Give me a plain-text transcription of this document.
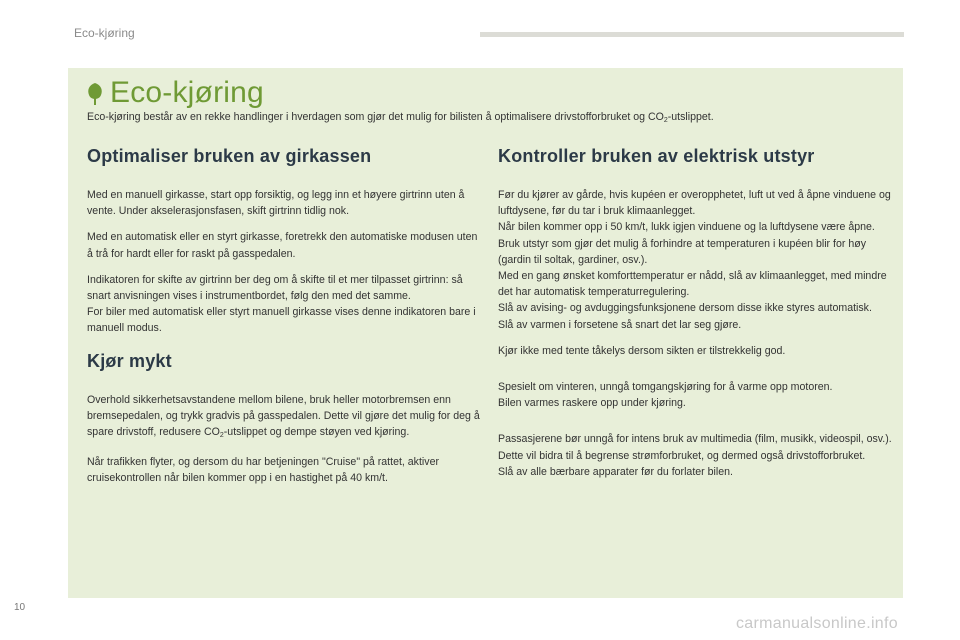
Eco-kjøring
Eco-kjøring
Eco-kjøring består av en rekke handlinger i hverdagen som gjør det mulig for bilisten å optimalisere drivstofforbruket og $CO_2$-utslippet.
Optimaliser bruken av girkassen

Med en manuell girkasse, start opp forsiktig, og legg inn et høyere girtrinn uten å vente. Under akselerasjonsfasen, skift girtrinn tidlig nok.

Med en automatisk eller en styrt girkasse, foretrekk den automatiske modusen uten å trå for hardt eller for raskt på gasspedalen.

Indikatoren for skifte av girtrinn ber deg om å skifte til et mer tilpasset girtrinn: så snart anvisningen vises i instrumentbordet, følg den med det samme.

For biler med automatisk eller styrt manuell girkasse vises denne indikatoren bare i manuell modus.

Kjør mykt

Overhold sikkerhetsavstandene mellom bilene, bruk heller motorbremsen enn bremsepedalen, og trykk gradvis på gasspedalen. Dette vil gjøre det mulig for deg å spare drivstoff, redusere $CO_2$-utslippet og dempe støyen ved kjøring.

Når trafikken flyter, og dersom du har betjeningen "Cruise" på rattet, aktiver cruisekontrollen når bilen kommer opp i en hastighet på 40 km/t.

Kontroller bruken av elektrisk utstyr

Før du kjører av gårde, hvis kupéen er overopphetet, luft ut ved å åpne vinduene og luftdysene, før du tar i bruk klimaanlegget.

Når bilen kommer opp i 50 km/t, lukk igjen vinduene og la luftdysene være åpne.

Bruk utstyr som gjør det mulig å forhindre at temperaturen i kupéen blir for høy (gardin til soltak, gardiner, osv.).

Med en gang ønsket komforttemperatur er nådd, slå av klimaanlegget, med mindre det har automatisk temperaturregulering.

Slå av avising- og avduggingsfunksjonene dersom disse ikke styres automatisk.

Slå av varmen i forsetene så snart det lar seg gjøre.

Kjør ikke med tente tåkelys dersom sikten er tilstrekkelig god.

Spesielt om vinteren, unngå tomgangskjøring for å varme opp motoren.

Bilen varmes raskere opp under kjøring.

Passasjerene bør unngå for intens bruk av multimedia (film, musikk, videospil, osv.). Dette vil bidra til å begrense strømforbruket, og dermed også drivstofforbruket.

Slå av alle bærbare apparater før du forlater bilen.

10
carmanualsonline.info
